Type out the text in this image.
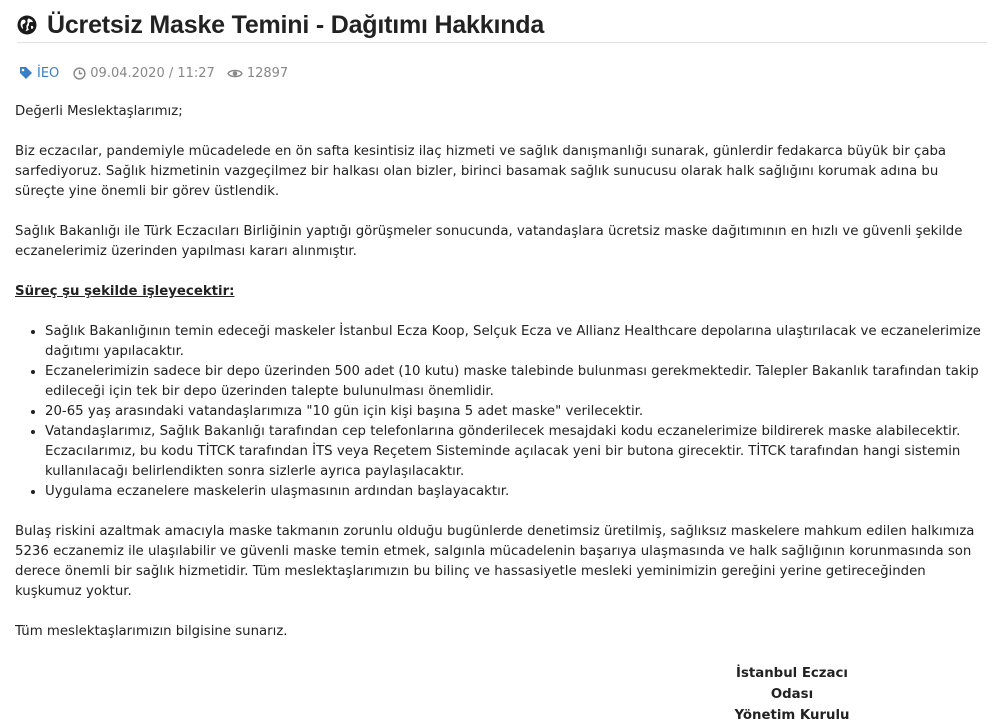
Ücretsiz Maske Temini - Dağıtımı Hakkında
İEO 09.04.2020 / 11:27 12897

Değerli Meslektaşlarımız;

Biz eczacılar, pandemiyle mücadelede en ön safta kesintisiz ilaç hizmeti ve sağlık danışmanlığı sunarak, günlerdir fedakarca büyük bir çaba sarfediyoruz. Sağlık hizmetinin vazgeçilmez bir halkası olan bizler, birinci basamak sağlık sunucusu olarak halk sağlığını korumak adına bu süreçte yine önemli bir görev üstlendik.

Sağlık Bakanlığı ile Türk Eczacıları Birliğinin yaptığı görüşmeler sonucunda, vatandaşlara ücretsiz maske dağıtımının en hızlı ve güvenli şekilde eczanelerimiz üzerinden yapılması kararı alınmıştır.

Süreç şu şekilde işleyecektir:

• Sağlık Bakanlığının temin edeceği maskeler İstanbul Ecza Koop, Selçuk Ecza ve Allianz Healthcare depolarına ulaştırılacak ve eczanelerimize dağıtımı yapılacaktır.
• Eczanelerimizin sadece bir depo üzerinden 500 adet (10 kutu) maske talebinde bulunması gerekmektedir. Talepler Bakanlık tarafından takip edileceği için tek bir depo üzerinden talepte bulunulması önemlidir.
• 20-65 yaş arasındaki vatandaşlarımıza "10 gün için kişi başına 5 adet maske" verilecektir.
• Vatandaşlarımız, Sağlık Bakanlığı tarafından cep telefonlarına gönderilecek mesajdaki kodu eczanelerimize bildirerek maske alabilecektir. Eczacılarımız, bu kodu TİTCK tarafından İTS veya Reçetem Sisteminde açılacak yeni bir butona girecektir. TİTCK tarafından hangi sistemin kullanılacağı belirlendikten sonra sizlerle ayrıca paylaşılacaktır.
• Uygulama eczanelere maskelerin ulaşmasının ardından başlayacaktır.

Bulaş riskini azaltmak amacıyla maske takmanın zorunlu olduğu bugünlerde denetimsiz üretilmiş, sağlıksız maskelere mahkum edilen halkımıza 5236 eczanemiz ile ulaşılabilir ve güvenli maske temin etmek, salgınla mücadelenin başarıya ulaşmasında ve halk sağlığının korunmasında son derece önemli bir sağlık hizmetidir. Tüm meslektaşlarımızın bu bilinç ve hassasiyetle mesleki yeminimizin gereğini yerine getireceğinden kuşkumuz yoktur.

Tüm meslektaşlarımızın bilgisine sunarız.

İstanbul Eczacı Odası
Yönetim Kurulu
